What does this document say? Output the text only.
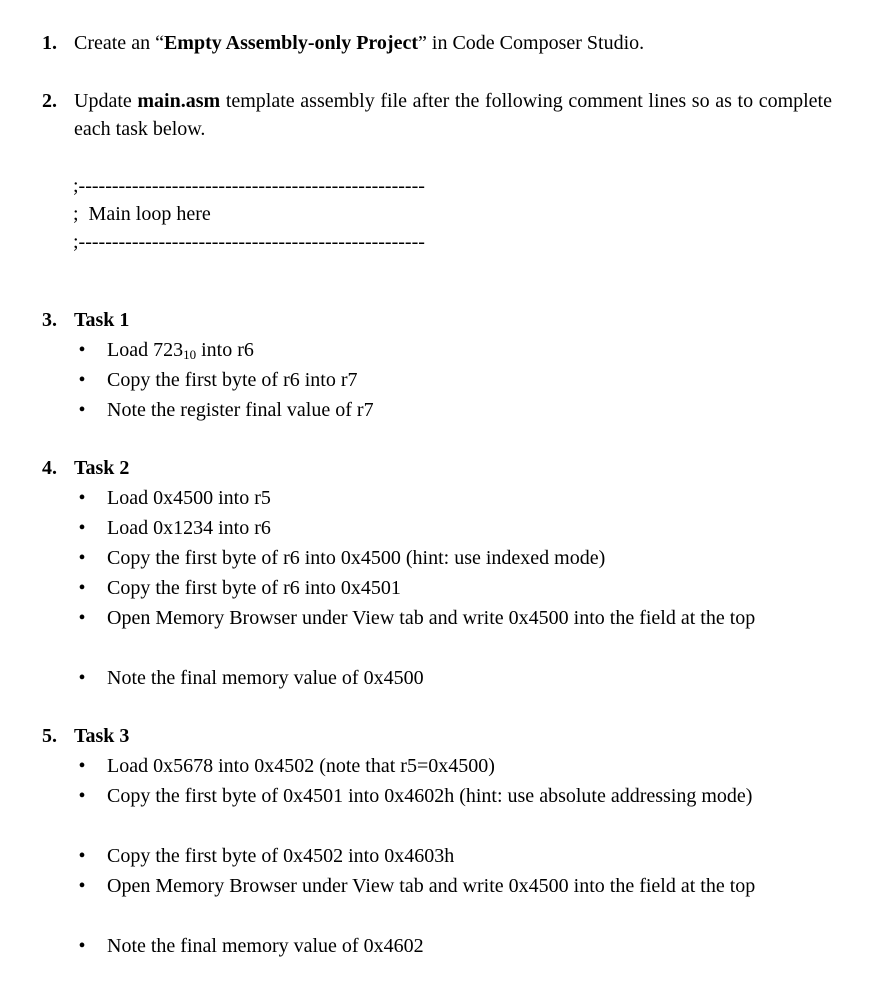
1. Create an “Empty Assembly-only Project” in Code Composer Studio.
2. Update main.asm template assembly file after the following comment lines so as to complete each task below.
;----------------------------------------------------
;  Main loop here
;----------------------------------------------------
3. Task 1
•	Load $723_{10}$ into r6
•	Copy the first byte of r6 into r7
•	Note the register final value of r7
4. Task 2
•	Load 0x4500 into r5
•	Load 0x1234 into r6
•	Copy the first byte of r6 into 0x4500 (hint: use indexed mode)
•	Copy the first byte of r6 into 0x4501
•	Open Memory Browser under View tab and write 0x4500 into the field at the top
•	Note the final memory value of 0x4500
5. Task 3
•	Load 0x5678 into 0x4502 (note that r5=0x4500)
•	Copy the first byte of 0x4501 into 0x4602h (hint: use absolute addressing mode)
•	Copy the first byte of 0x4502 into 0x4603h
•	Open Memory Browser under View tab and write 0x4500 into the field at the top
•	Note the final memory value of 0x4602
